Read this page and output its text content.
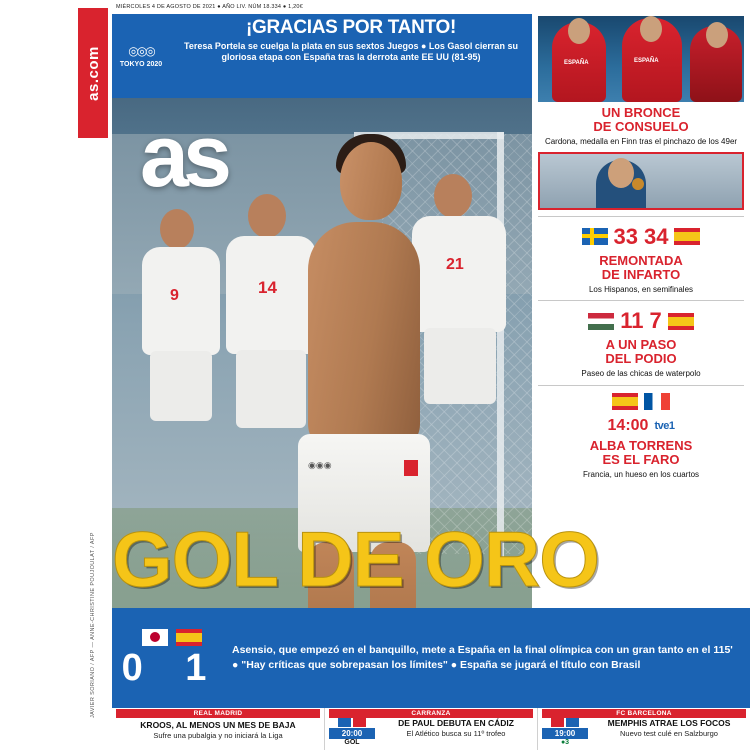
as.com
JAVIER SORIANO / AFP — ANNE-CHRISTINE POUJOULAT / AFP
MIÉRCOLES 4 DE AGOSTO DE 2021 ● AÑO LIV. NÚM 18.334 ● 1,20€
9	14
21
◉◉◉
◎◎◎
TOKYO 2020
¡GRACIAS POR TANTO!

Teresa Portela se cuelga la plata en sus sextos Juegos ● Los Gasol cierran su gloriosa etapa con España tras la derrota ante EE UU (81-95)

as
ESPAÑA	ESPAÑA
UN BRONCE
DE CONSUELO
Cardona, medalla en Finn tras el pinchazo de los 49er
33 34
REMONTADA
DE INFARTO
Los Hispanos, en semifinales
11 7
A UN PASO
DEL PODIO
Paseo de las chicas de waterpolo
14:00 tve1
ALBA TORRENS
ES EL FARO
Francia, un hueso en los cuartos
GOL DE ORO
0 1 Asensio, que empezó en el banquillo, mete a España en la final olímpica con un gran tanto en el 115' ● "Hay críticas que sobrepasan los límites" ● España se jugará el título con Brasil
REAL MADRID
KROOS, AL MENOS UN MES DE BAJA
Sufre una pubalgia y no iniciará la Liga
CARRANZA
20:00
GOL
DE PAUL DEBUTA EN CÁDIZ
El Atlético busca su 11º trofeo
FC BARCELONA
19:00
●3
MEMPHIS ATRAE LOS FOCOS
Nuevo test culé en Salzburgo
